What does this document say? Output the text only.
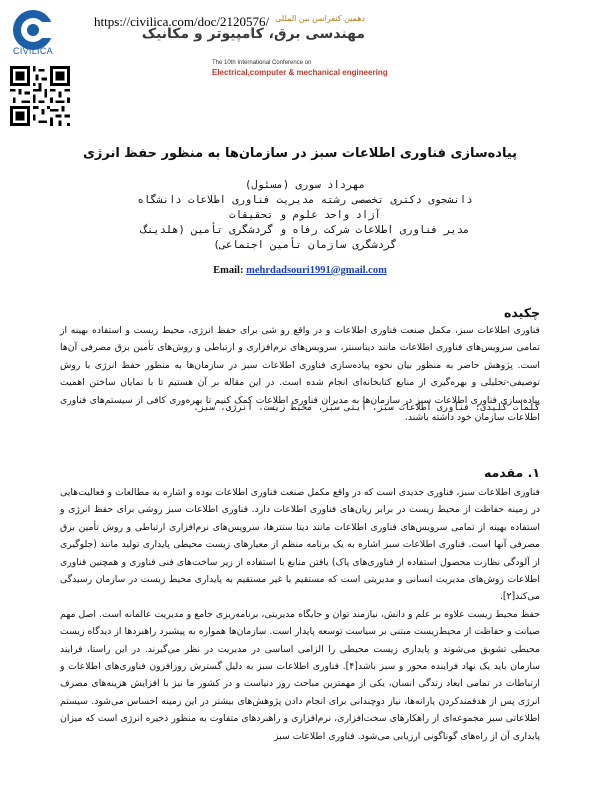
CIVILICA
https://civilica.com/doc/2120576/ دهمین کنفرانس بین المللی
مهندسی برق، کامپیوتر و مکانیک
The 10th International Conference on
Electrical,computer & mechanical engineering
پیاده‌سازی فناوری اطلاعات سبز در سازمان‌ها به منظور حفظ انرژی
مهرداد سوری (مسئول)
دانشجوی دکتری تخصصی رشته مدیریت فناوری اطلاعات دانشگاه
آزاد واحد علوم و تحقیقات
مدیر فناوری اطلاعات شرکت رفاه و گردشگری تأمین (هلدینگ
گردشگری سازمان تأمین اجتماعی)
Email: mehrdadsouri1991@gmail.com
چکیده
فناوری اطلاعات سبز، مکمل صنعت فناوری اطلاعات و در واقع رو شی برای حفظ انرژی، محیط زیست و استفاده بهینه از تمامی سرویس‌های فناوری اطلاعات مانند دیتاسنتر، سرویس‌های نرم‌افزاری و ارتباطی و روش‌های تأمین برق مصرفی آن‌ها است. پژوهش حاضر به منظور بیان نحوه پیاده‌سازی فناوری اطلاعات سبز در سازمان‌ها به منظور حفظ انرژی با روش توصیفی-تحلیلی و بهره‌گیری از منابع کتابخانه‌ای انجام شده است. در این مقاله بر آن هستیم تا با نمایان ساختن اهمیت پیاده‌سازی فناوری اطلاعات سبز در سازمان‌ها به مدیران فناوری اطلاعات کمک کنیم تا بهره‌وری کافی از سیستم‌های فناوری اطلاعات سازمان خود داشته باشند.
کلمات کلیدی: فناوری اطلاعات سبز، آیتی سبز، محیط زیست، انرژی، سبز.
۱. مقدمه

فناوری اطلاعات سبز، فناوری جدیدی است که در واقع مکمل صنعت فناوری اطلاعات بوده و اشاره به مطالعات و فعالیت‌هایی در زمینه حفاظت از محیط زیست در برابر زیان‌های فناوری اطلاعات دارد. فناوری اطلاعات سبز روشی برای حفظ انرژی و استفاده بهینه از تمامی سرویس‌های فناوری اطلاعات مانند دیتا سنترها، سرویس‌های نرم‌افزاری ارتباطی و روش تأمین برق مصرفی آنها است. فناوری اطلاعات سبز اشاره به یک برنامه منظم از معیارهای زیست محیطی پایداری تولید مانند (جلوگیری از آلودگی نظارت محصول استفاده از فناوری‌های پاک) یافتن منابع با استفاده از زیر ساخت‌های فنی فناوری و همچنین فناوری اطلاعات روش‌های مدیریت انسانی و مدیریتی است که مستقیم یا غیر مستقیم به پایداری محیط زیست در سازمان رسیدگی می‌کند[۲].

حفظ محیط زیست علاوه بر علم و دانش، نیازمند توان و جایگاه مدیریتی، برنامه‌ریزی جامع و مدیریت عالمانه است. اصل مهم صیانت و حفاظت از محیط‌زیست مبتنی بر سیاست توسعه پایدار است. سازمان‌ها همواره به پیشبرد راهبردها از دیدگاه زیست محیطی تشویق می‌شوند و پایداری زیست محیطی را الزامی اساسی در مدیریت در نظر می‌گیرند. در این راستا، فرایند سازمان باید یک نهاد فراینده محور و سبز باشد[۴]. فناوری اطلاعات سبز به دلیل گسترش روزافزون فناوری‌های اطلاعات و ارتباطات در تمامی ابعاد زندگی انسان، یکی از مهمترین مباحث روز دنیاست و در کشور ما نیز با افزایش هزینه‌های مصرف انرژی پس از هدفمندکردن یارانه‌ها، نیاز دوچندانی برای انجام دادن پژوهش‌های بیشتر در این زمینه احساس می‌شود. سیستم اطلاعاتی سبز مجموعه‌ای از راهکارهای سخت‌افزاری، نرم‌افزاری و راهبردهای متفاوت به منظور ذخیره انرژی است که میزان پایداری آن از راه‌های گوناگونی ارزیابی می‌شود. فناوری اطلاعات سبز
